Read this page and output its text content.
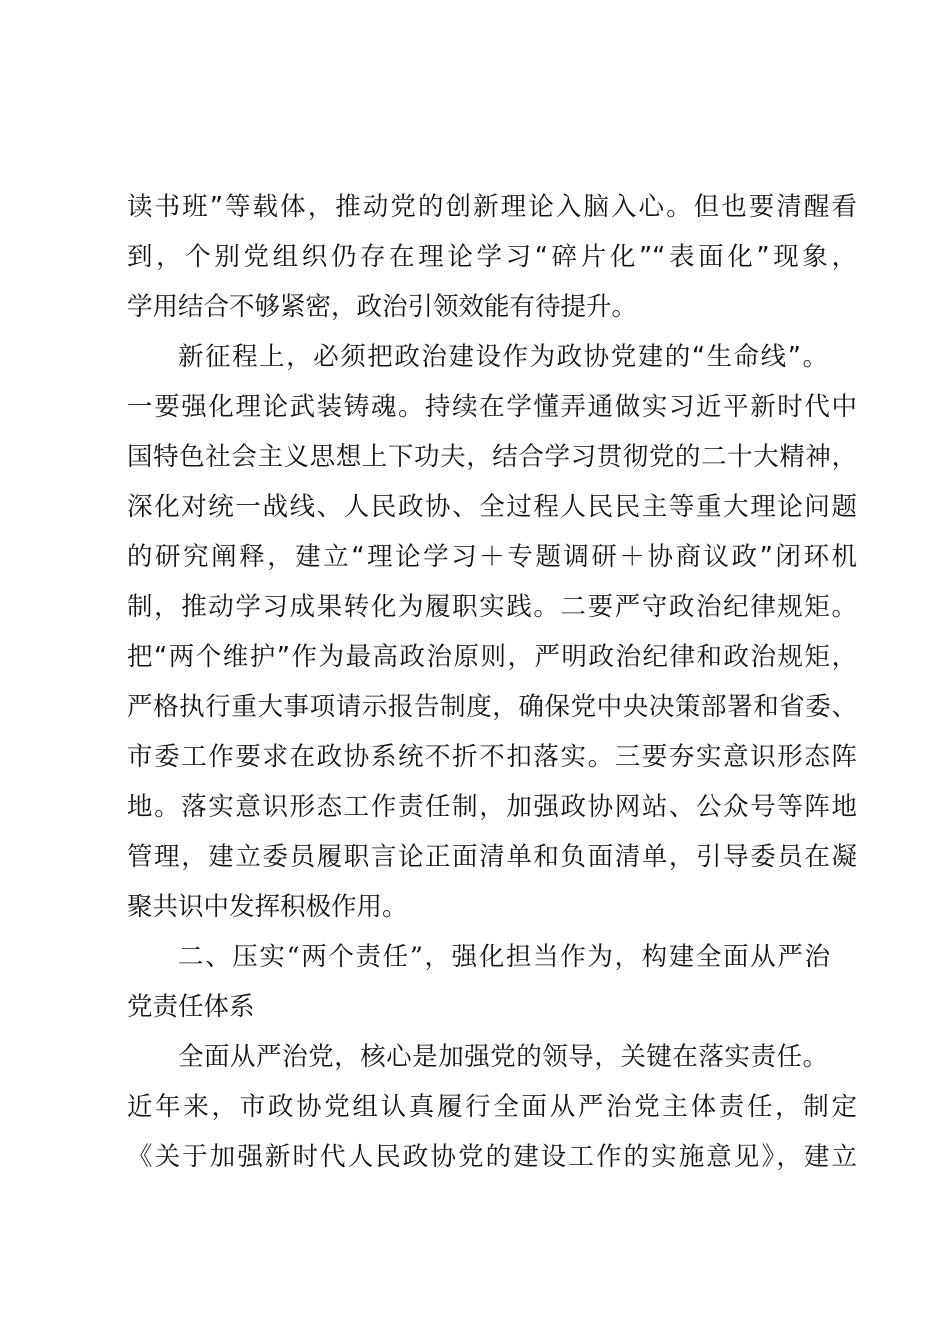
读书班”等载体，推动党的创新理论入脑入心。但也要清醒看
到，个别党组织仍存在理论学习“碎片化”“表面化”现象，
学用结合不够紧密，政治引领效能有待提升。
新征程上，必须把政治建设作为政协党建的“生命线”。
一要强化理论武装铸魂。持续在学懂弄通做实习近平新时代中
国特色社会主义思想上下功夫，结合学习贯彻党的二十大精神，
深化对统一战线、人民政协、全过程人民民主等重大理论问题
的研究阐释，建立“理论学习＋专题调研＋协商议政”闭环机
制，推动学习成果转化为履职实践。二要严守政治纪律规矩。
把“两个维护”作为最高政治原则，严明政治纪律和政治规矩，
严格执行重大事项请示报告制度，确保党中央决策部署和省委、
市委工作要求在政协系统不折不扣落实。三要夯实意识形态阵
地。落实意识形态工作责任制，加强政协网站、公众号等阵地
管理，建立委员履职言论正面清单和负面清单，引导委员在凝
聚共识中发挥积极作用。
二、压实“两个责任”，强化担当作为，构建全面从严治
党责任体系
全面从严治党，核心是加强党的领导，关键在落实责任。
近年来，市政协党组认真履行全面从严治党主体责任，制定
《关于加强新时代人民政协党的建设工作的实施意见》，建立
